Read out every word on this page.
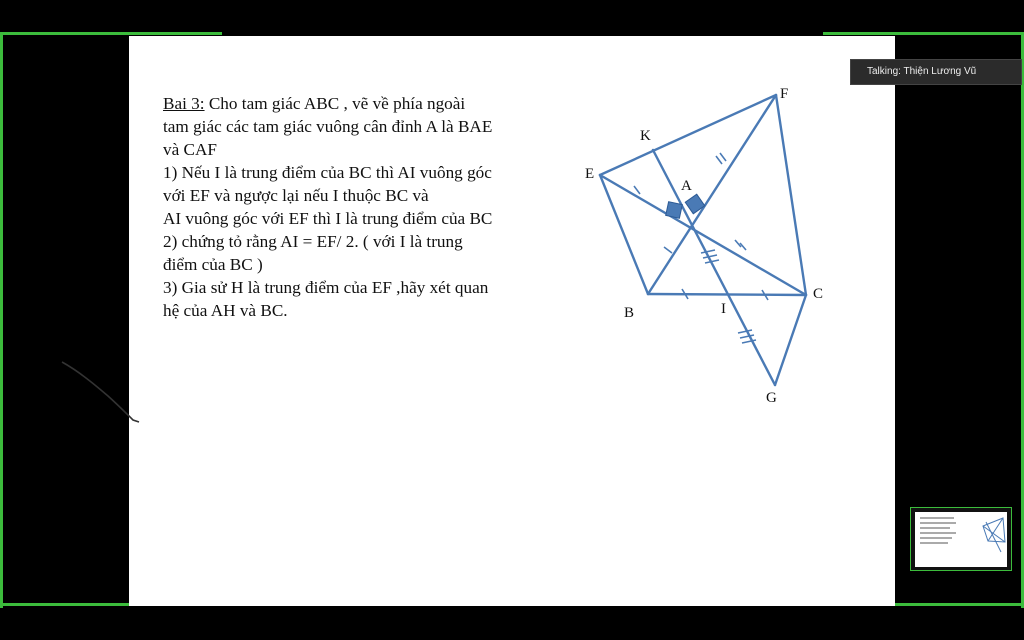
Bai 3: Cho tam giác ABC , vẽ về phía ngoài
tam giác các tam giác vuông cân đỉnh A là BAE
và CAF
1) Nếu I là trung điểm của BC thì AI vuông góc
với EF và ngược lại nếu I thuộc BC và
AI vuông góc với EF thì I là trung điểm của BC
2) chứng tỏ rằng AI = EF/ 2. ( với I là trung
điểm của BC )
3) Gia sử H là trung điểm của EF ,hãy xét quan
hệ của AH và BC.
F
K
E
A
B	I
C
G
Talking: Thiện Lương Vũ
